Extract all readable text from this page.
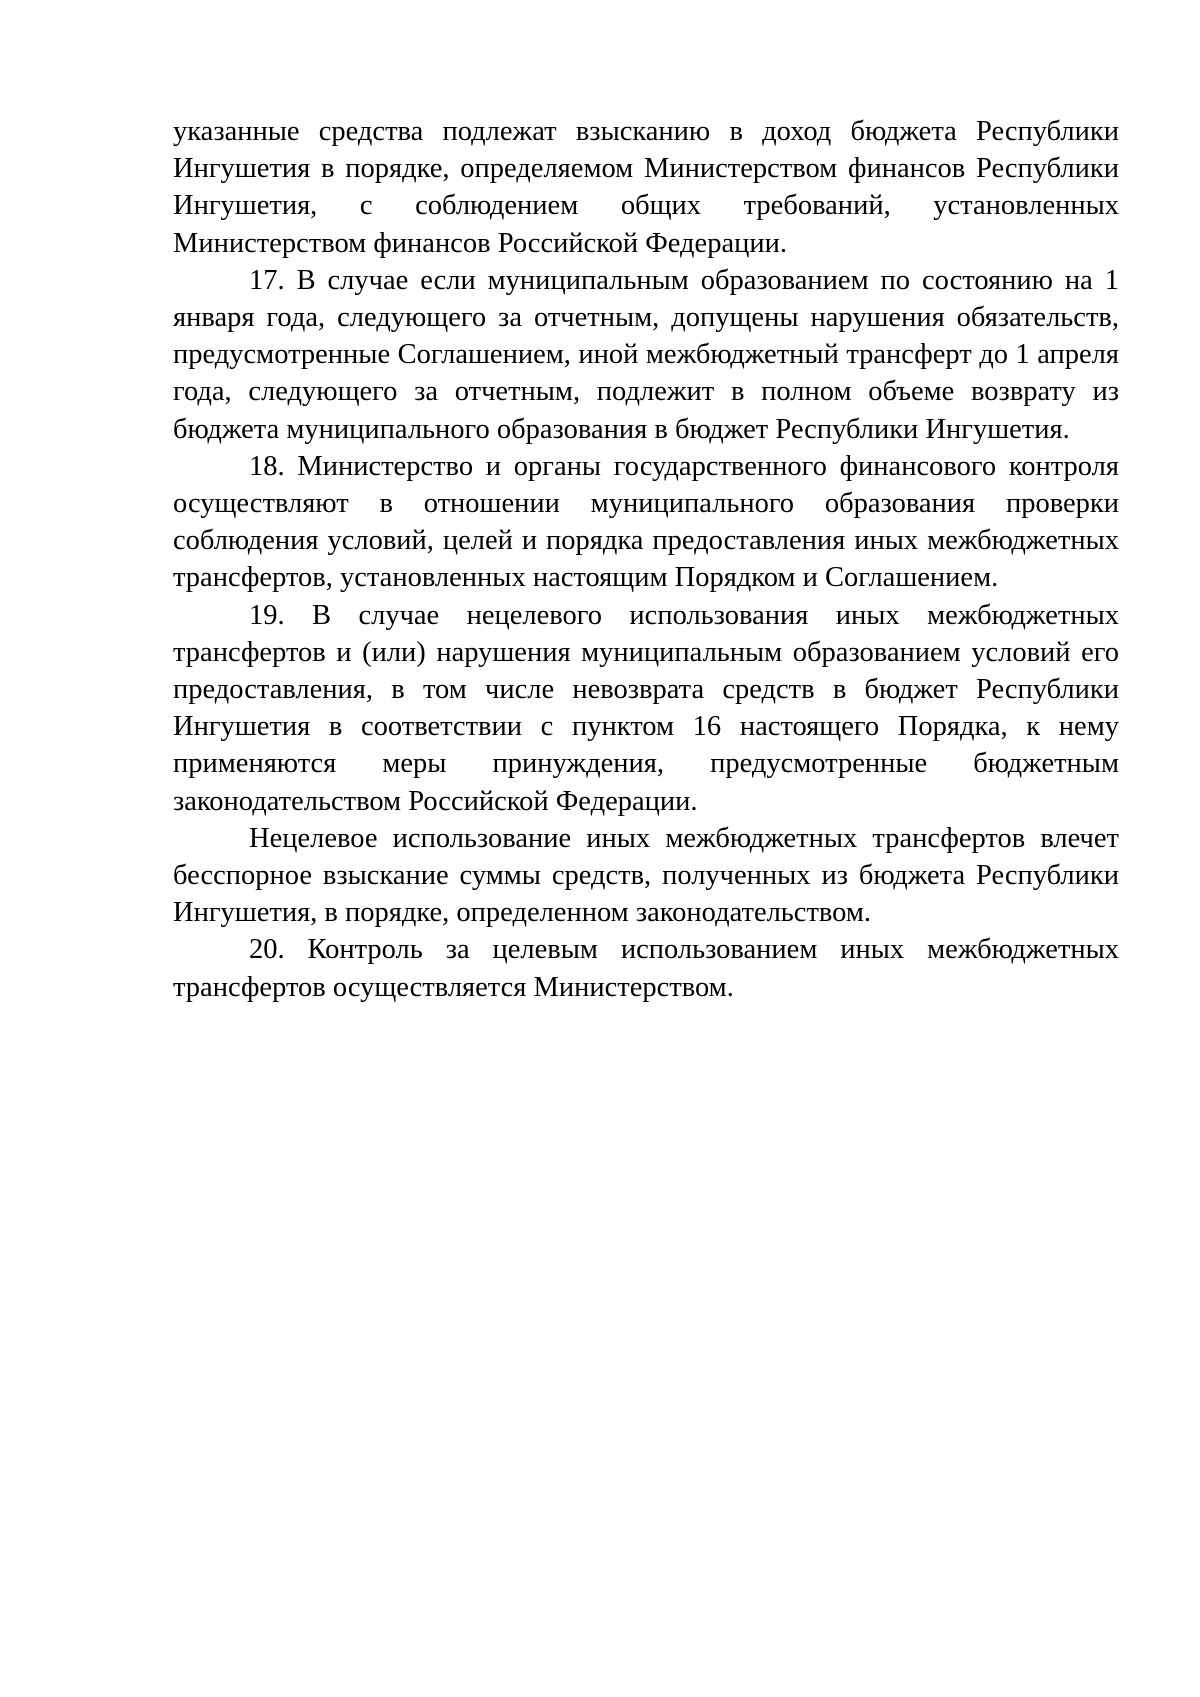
указанные средства подлежат взысканию в доход бюджета Республики Ингушетия в порядке, определяемом Министерством финансов Республики Ингушетия, с соблюдением общих требований, установленных Министерством финансов Российской Федерации.

17. В случае если муниципальным образованием по состоянию на 1 января года, следующего за отчетным, допущены нарушения обязательств, предусмотренные Соглашением, иной межбюджетный трансферт до 1 апреля года, следующего за отчетным, подлежит в полном объеме возврату из бюджета муниципального образования в бюджет Республики Ингушетия.

18. Министерство и органы государственного финансового контроля осуществляют в отношении муниципального образования проверки соблюдения условий, целей и порядка предоставления иных межбюджетных трансфертов, установленных настоящим Порядком и Соглашением.

19. В случае нецелевого использования иных межбюджетных трансфертов и (или) нарушения муниципальным образованием условий его предоставления, в том числе невозврата средств в бюджет Республики Ингушетия в соответствии с пунктом 16 настоящего Порядка, к нему применяются меры принуждения, предусмотренные бюджетным законодательством Российской Федерации.

Нецелевое использование иных межбюджетных трансфертов влечет бесспорное взыскание суммы средств, полученных из бюджета Республики Ингушетия, в порядке, определенном законодательством.

20. Контроль за целевым использованием иных межбюджетных трансфертов осуществляется Министерством.
